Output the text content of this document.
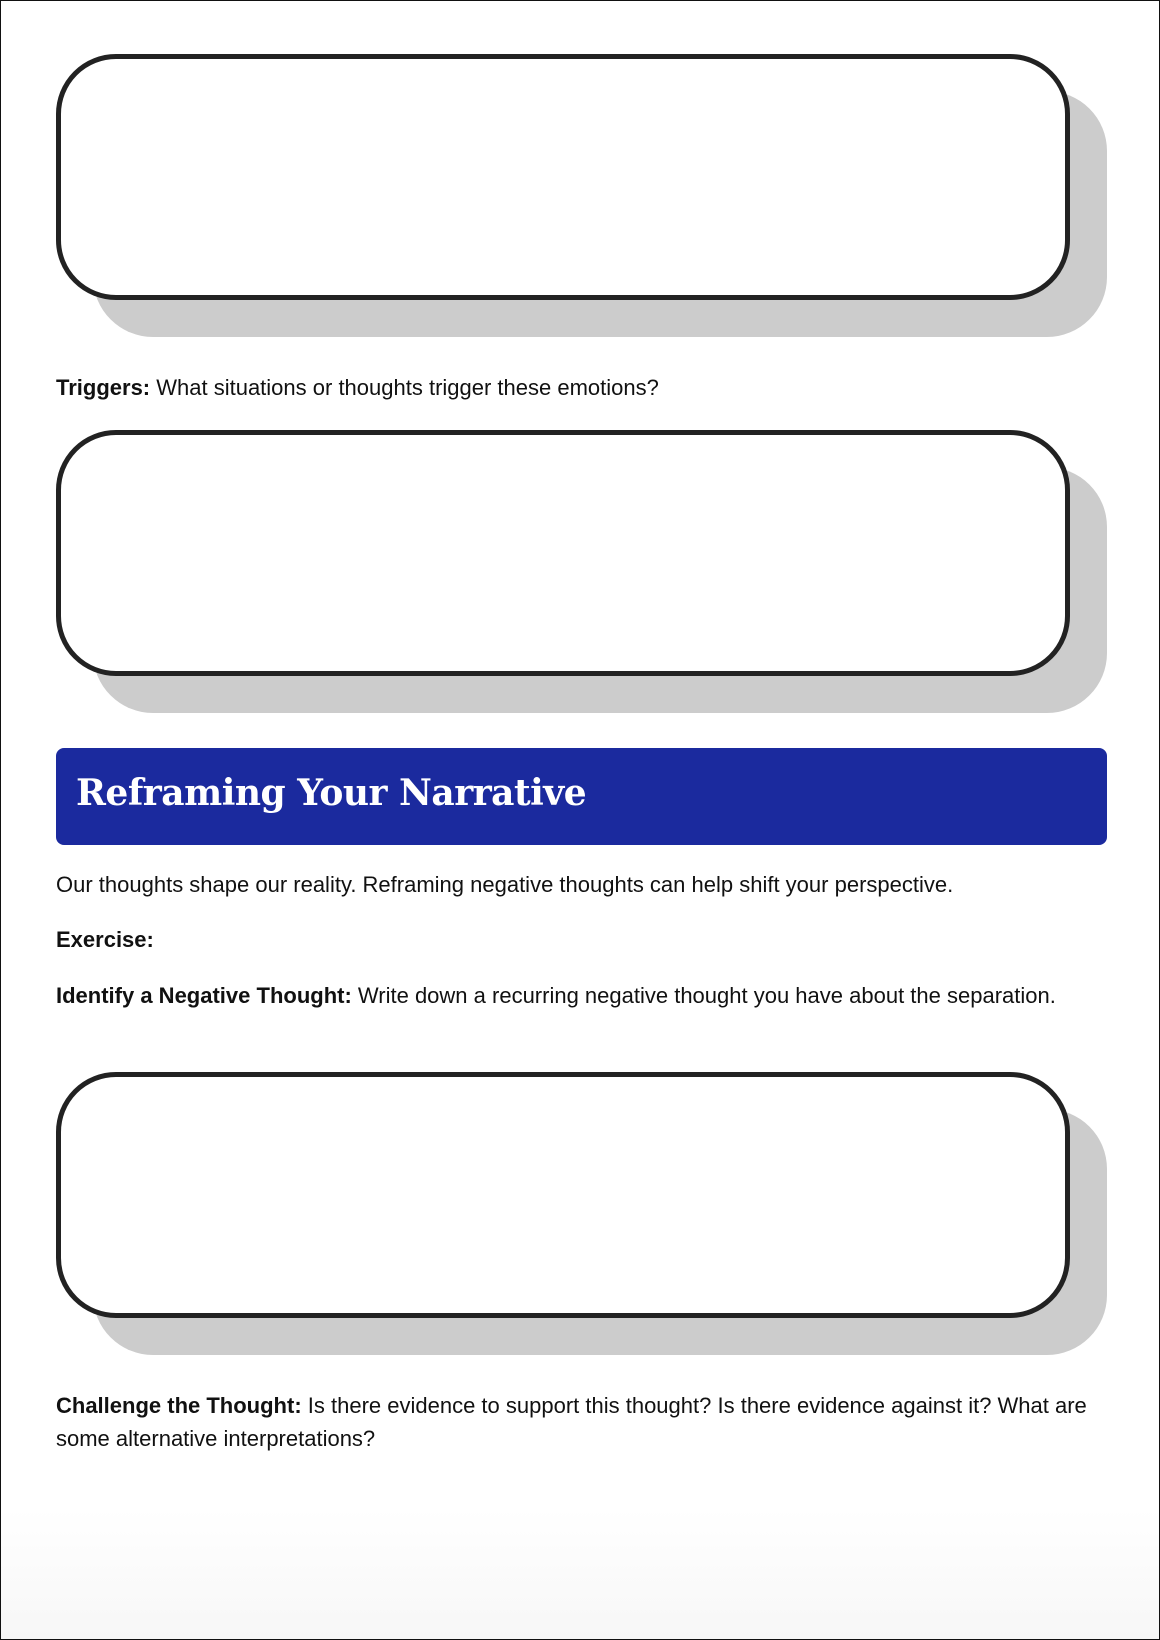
Triggers: What situations or thoughts trigger these emotions?

Reframing Your Narrative

Our thoughts shape our reality. Reframing negative thoughts can help shift your perspective.

Exercise:

Identify a Negative Thought: Write down a recurring negative thought you have about the separation.

Challenge the Thought: Is there evidence to support this thought? Is there evidence against it? What are some alternative interpretations?
